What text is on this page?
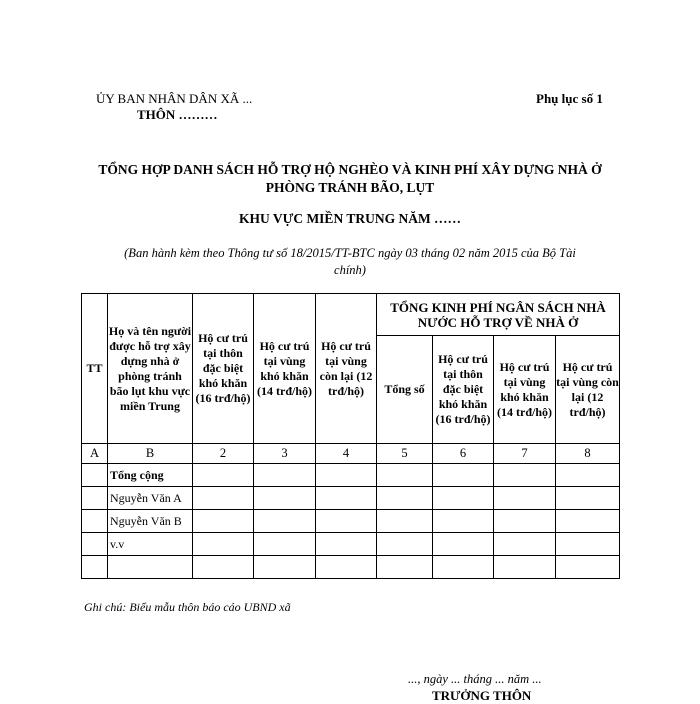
ỦY BAN NHÂN DÂN XÃ ...
THÔN ………
Phụ lục số 1
TỔNG HỢP DANH SÁCH HỖ TRỢ HỘ NGHÈO VÀ KINH PHÍ XÂY DỰNG NHÀ Ở
PHÒNG TRÁNH BÃO, LỤT
KHU VỰC MIỀN TRUNG NĂM ……
(Ban hành kèm theo Thông tư số 18/2015/TT-BTC ngày 03 tháng 02 năm 2015 của Bộ Tài
chính)
TT	Họ và tên người được hỗ trợ xây dựng nhà ở phòng tránh bão lụt khu vực miền Trung	Hộ cư trú tại thôn đặc biệt khó khăn (16 trđ/hộ)	Hộ cư trú tại vùng khó khăn (14 trđ/hộ)	Hộ cư trú tại vùng còn lại (12 trđ/hộ)	TỔNG KINH PHÍ NGÂN SÁCH NHÀ NƯỚC HỖ TRỢ VỀ NHÀ Ở			
					Tổng số	Hộ cư trú tại thôn đặc biệt khó khăn (16 trđ/hộ)	Hộ cư trú tại vùng khó khăn (14 trđ/hộ)	Hộ cư trú tại vùng còn lại (12 trđ/hộ)
A	B	2	3	4	5	6	7	8
	Tổng cộng							
	Nguyễn Văn A							
	Nguyễn Văn B							
	v.v							

Ghi chú: Biểu mẫu thôn báo cáo UBND xã
..., ngày ... tháng ... năm ...
TRƯỞNG THÔN
